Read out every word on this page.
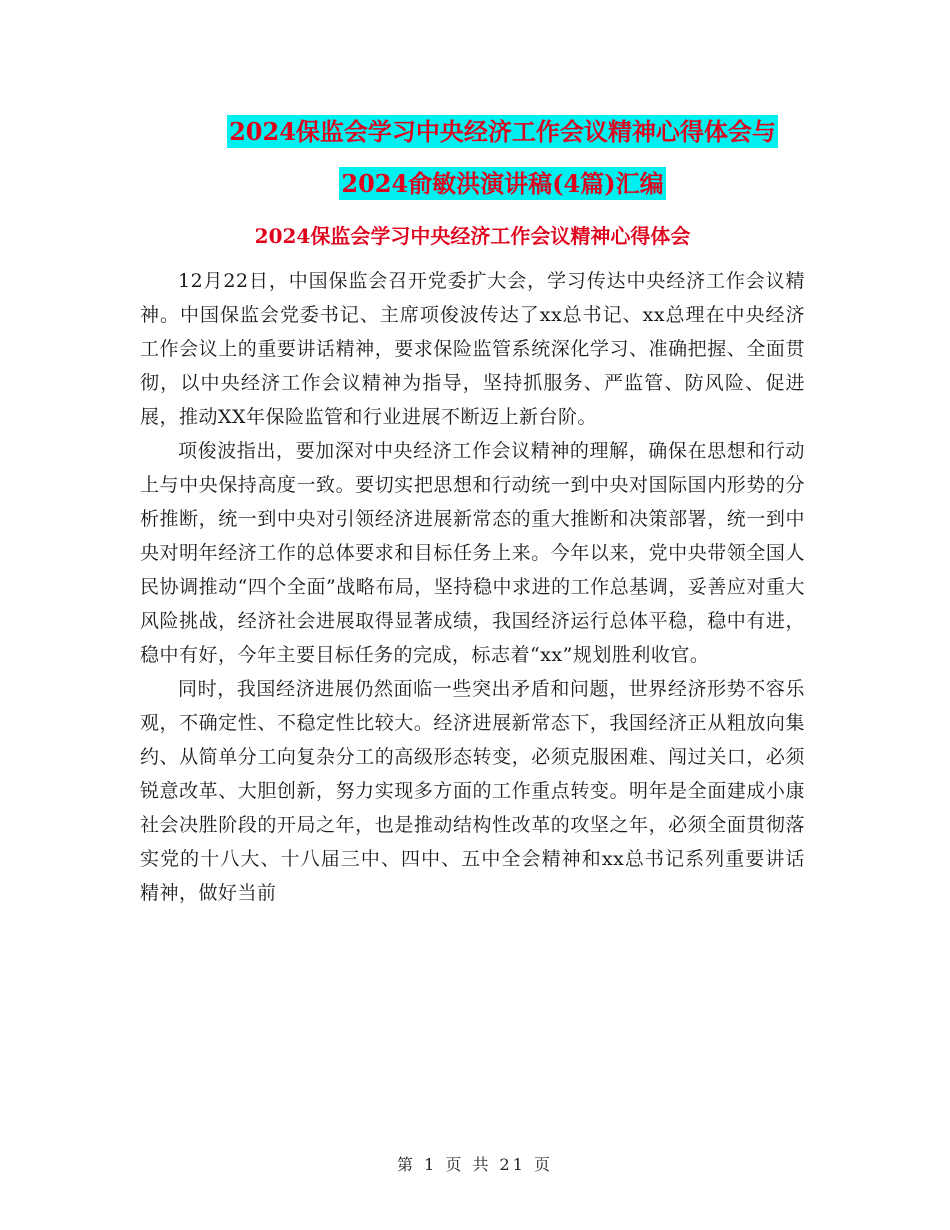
2024保监会学习中央经济工作会议精神心得体会与
2024俞敏洪演讲稿(4篇)汇编
2024保监会学习中央经济工作会议精神心得体会

12月22日，中国保监会召开党委扩大会，学习传达中央经济工作会议精神。中国保监会党委书记、主席项俊波传达了xx总书记、xx总理在中央经济工作会议上的重要讲话精神，要求保险监管系统深化学习、准确把握、全面贯彻，以中央经济工作会议精神为指导，坚持抓服务、严监管、防风险、促进展，推动XX年保险监管和行业进展不断迈上新台阶。

项俊波指出，要加深对中央经济工作会议精神的理解，确保在思想和行动上与中央保持高度一致。要切实把思想和行动统一到中央对国际国内形势的分析推断，统一到中央对引领经济进展新常态的重大推断和决策部署，统一到中央对明年经济工作的总体要求和目标任务上来。今年以来，党中央带领全国人民协调推动“四个全面”战略布局，坚持稳中求进的工作总基调，妥善应对重大风险挑战，经济社会进展取得显著成绩，我国经济运行总体平稳，稳中有进，稳中有好，今年主要目标任务的完成，标志着“xx”规划胜利收官。

同时，我国经济进展仍然面临一些突出矛盾和问题，世界经济形势不容乐观，不确定性、不稳定性比较大。经济进展新常态下，我国经济正从粗放向集约、从简单分工向复杂分工的高级形态转变，必须克服困难、闯过关口，必须锐意改革、大胆创新，努力实现多方面的工作重点转变。明年是全面建成小康社会决胜阶段的开局之年，也是推动结构性改革的攻坚之年，必须全面贯彻落实党的十八大、十八届三中、四中、五中全会精神和xx总书记系列重要讲话精神，做好当前

第 1 页 共 21 页
